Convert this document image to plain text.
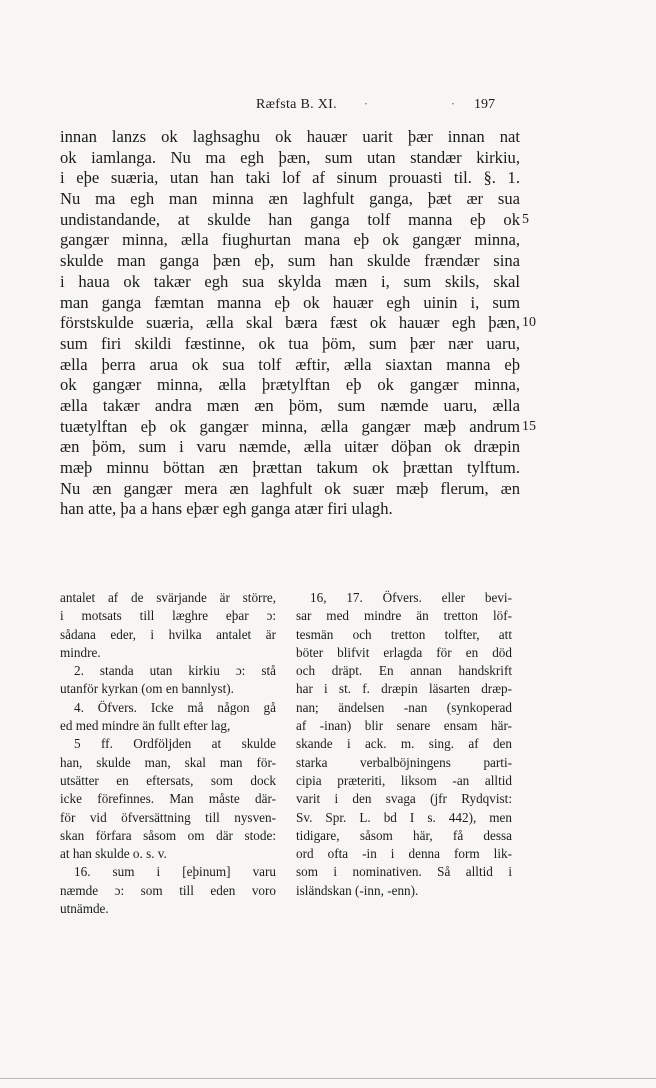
Ræfsta B. XI. ·	· 197
innan lanzs ok laghsaghu ok hauær uarit þær innan nat
ok iamlanga. Nu ma egh þæn, sum utan standær kirkiu,
i eþe suæria, utan han taki lof af sinum prouasti til. §. 1.
Nu ma egh man minna æn laghfult ganga, þæt ær sua
undistandande, at skulde han ganga tolf manna eþ ok 5
gangær minna, ælla fiughurtan mana eþ ok gangær minna,
skulde man ganga þæn eþ, sum han skulde frændær sina
i haua ok takær egh sua skylda mæn i, sum skils, skal
man ganga fæmtan manna eþ ok hauær egh uinin i, sum
förstskulde suæria, ælla skal bæra fæst ok hauær egh þæn, 10
sum firi skildi fæstinne, ok tua þöm, sum þær nær uaru,
ælla þerra arua ok sua tolf æftir, ælla siaxtan manna eþ
ok gangær minna, ælla þrætylftan eþ ok gangær minna,
ælla takær andra mæn æn þöm, sum næmde uaru, ælla
tuætylftan eþ ok gangær minna, ælla gangær mæþ andrum 15
æn þöm, sum i varu næmde, ælla uitær döþan ok dræpin
mæþ minnu böttan æn þrættan takum ok þrættan tylftum.
Nu æn gangær mera æn laghfult ok suær mæþ flerum, æn
han atte, þa a hans eþær egh ganga atær firi ulagh.
antalet af de svärjande är större,
i motsats till læghre eþar ɔ:
sådana eder, i hvilka antalet är
mindre.
2. standa utan kirkiu ɔ: stå
utanför kyrkan (om en bannlyst).
4. Öfvers. Icke må någon gå
ed med mindre än fullt efter lag,
5 ff. Ordföljden at skulde
han, skulde man, skal man för-
utsätter en eftersats, som dock
icke förefinnes. Man måste där-
för vid öfversättning till nysven-
skan förfara såsom om där stode:
at han skulde o. s. v.
16. sum i [eþinum] varu
næmde ɔ: som till eden voro
utnämde.
16, 17. Öfvers. eller bevi-
sar med mindre än tretton löf-
tesmän och tretton tolfter, att
böter blifvit erlagda för en död
och dräpt. En annan handskrift
har i st. f. dræpin läsarten dræp-
nan; ändelsen -nan (synkoperad
af -inan) blir senare ensam här-
skande i ack. m. sing. af den
starka verbalböjningens parti-
cipia præteriti, liksom -an alltid
varit i den svaga (jfr Rydqvist:
Sv. Spr. L. bd I s. 442), men
tidigare, såsom här, få dessa
ord ofta -in i denna form lik-
som i nominativen. Så alltid i
isländskan (-inn, -enn).
